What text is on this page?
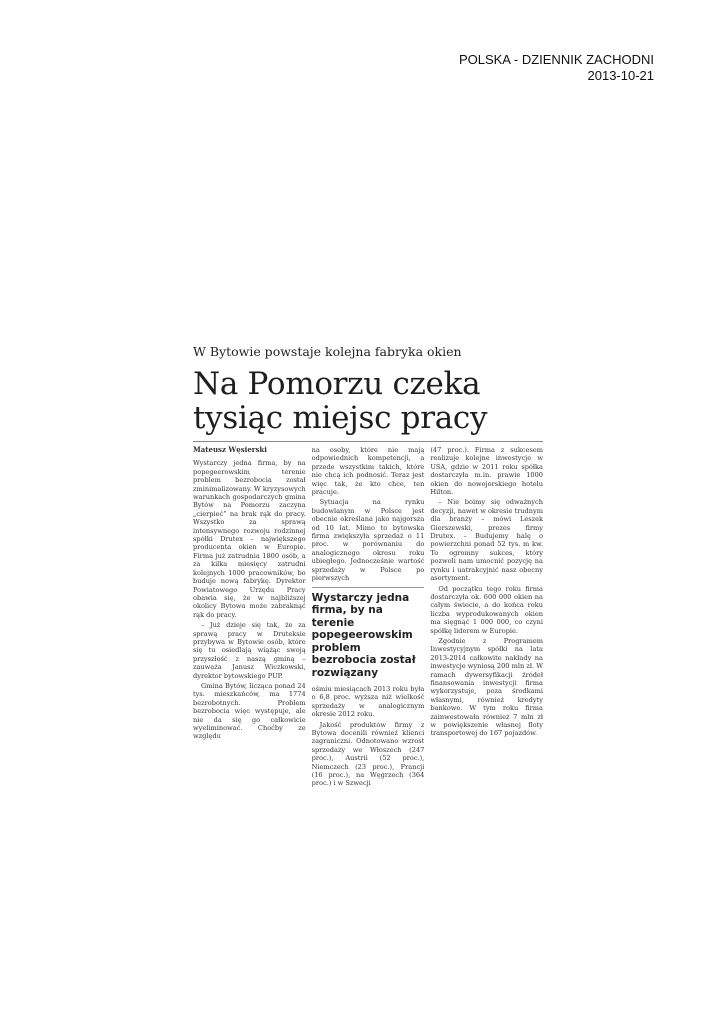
POLSKA - DZIENNIK ZACHODNI
2013-10-21
W Bytowie powstaje kolejna fabryka okien
Na Pomorzu czeka tysiąc miejsc pracy
Mateusz Węsierski

Wystarczy jedna firma, by na popegeerowskim terenie problem bezrobocia został zminimalizowany. W kryzysowych warunkach gospodarczych gmina Bytów na Pomorzu zaczyna „cierpieć” na brak rąk do pracy. Wszystko za sprawą intensywnego rozwoju rodzinnej spółki Drutex – największego producenta okien w Europie. Firma już zatrudnia 1800 osób, a za kilka miesięcy zatrudni kolejnych 1000 pracowników, bo buduje nową fabrykę. Dyrektor Powiatowego Urzędu Pracy obawia się, że w najbliższej okolicy Bytowa może zabraknąć rąk do pracy.

– Już dzieje się tak, że za sprawą pracy w Druteksie przybywa w Bytowie osób, które się tu osiedlają wiążąc swoją przyszłość z naszą gminą – zauważa Janusz Wiczkowski, dyrektor bytowskiego PUP.

Gmina Bytów, licząca ponad 24 tys. mieszkańców, ma 1774 bezrobotnych. Problem bezrobocia więc występuje, ale nie da się go całkowicie wyeliminować. Choćby ze względu

na osoby, które nie mają odpowiednich kompetencji, a przede wszystkim takich, które nie chcą ich podnosić. Teraz jest więc tak, że kto chce, ten pracuje.

Sytuacja na rynku budowlanym w Polsce jest obecnie określana jako najgorsza od 10 lat. Mimo to bytowska firma zwiększyła sprzedaż o 11 proc. w porównaniu do analogicznego okresu roku ubiegłego. Jednocześnie wartość sprzedaży w Polsce po pierwszych

Wystarczy jedna firma, by na terenie popegeerowskim problem bezrobocia został rozwiązany

ośmiu miesiącach 2013 roku była o 6,8 proc. wyższa niż wielkość sprzedaży w analogicznym okresie 2012 roku.

Jakość produktów firmy z Bytowa docenili również klienci zagraniczni. Odnotowano wzrost sprzedaży we Włoszech (247 proc.), Austrii (52 proc.), Niemczech (23 proc.), Francji (16 proc.), na Węgrzech (364 proc.) i w Szwecji

(47 proc.). Firma z sukcesem realizuje kolejne inwestycje w USA, gdzie w 2011 roku spółka dostarczyła m.in. prawie 1000 okien do nowojorskiego hotelu Hilton.

– Nie boimy się odważnych decyzji, nawet w okresie trudnym dla branży – mówi Leszek Gierszewski, prezes firmy Drutex. – Budujemy halę o powierzchni ponad 52 tys. m kw. To ogromny sukces, który pozwoli nam umocnić pozycję na rynku i uatrakcyjnić nasz obecny asortyment.

Od początku tego roku firma dostarczyła ok. 600 000 okien na całym świecie, a do końca roku liczba wyprodukowanych okien ma sięgnąć 1 000 000, co czyni spółkę liderem w Europie.

Zgodnie z Programem Inwestycyjnym spółki na lata 2013-2014 całkowite nakłady na inwestycje wyniosą 200 mln zł. W ramach dywersyfikacji źródeł finansowania inwestycji firma wykorzystuje, poza środkami własnymi, również kredyty bankowe. W tym roku firma zainwestowała również 7 mln zł w powiększenie własnej floty transportowej do 167 pojazdów.
